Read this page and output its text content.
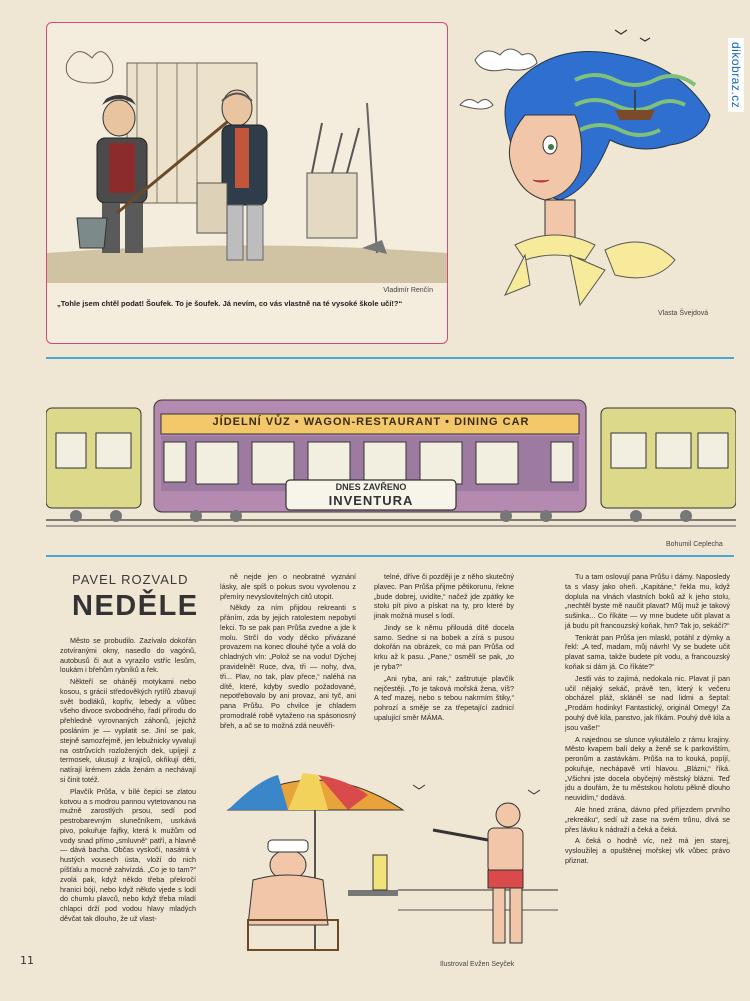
dikobraz.cz
Vladimír Renčín
„Tohle jsem chtěl podat! Šoufek. To je šoufek. Já nevím, co vás vlastně na té vysoké škole učí!?“
Vlasta Švejdová
JÍDELNÍ VŮZ • WAGON-RESTAURANT • DINING CAR
DNES ZAVŘENO
INVENTURA
Bohumil Ceplecha
PAVEL ROZVALD
NEDĚLE

Město se probudilo. Zazívalo dokořán zotvíranými okny, nasedlo do vagónů, autobusů či aut a vyrazilo vstříc lesům, loukám i břehům rybníků a řek.

Někteří se oháněji motykami nebo kosou, s grácií středověkých rytířů zbavují svět bodláků, kopřiv, lebedy a vůbec všeho divoce svobodného, řadí přírodu do přehledně vyrovnaných záhonů, jejichž posláním je — vyplatit se. Jiní se pak, stejně samozřejmě, jen lebužnicky vyvalují na ostrůvcích rozložených dek, upíjejí z termosek, ukusují z krajíců, okřikují děti, natírají krémem záda ženám a nechávají si činit totéž.

Plavčík Průša, v bílé čepici se zlatou kotvou a s modrou pannou vytetovanou na mužně zarostlých prsou, sedí pod pestrobarevným slunečníkem, usrkává pivo, pokuřuje fajfky, která k mužům od vody snad přímo „smluvně“ patří, a hlavně — dává bacha. Občas vyskočí, nasátrá v hustých vousech ústa, vloží do nich píšťalu a mocně zahvízdá. „Co je to tam?“ zvolá pak, když někdo třeba překročí hranici bójí, nebo když někdo vjede s lodí do chumlu plavců, nebo když třeba mladí chlapci drží pod vodou hlavy mladých děvčat tak dlouho, že už vlast-

ně nejde jen o neobratné vyznání lásky, ale spíš o pokus svou vyvolenou z přemíry nevyslovitelných citů utopit.

Někdy za ním přijdou rekreanti s přáním, zda by jejich ratolestem nepobytí lekci. To se pak pan Průša zvedne a jde k molu. Strčí do vody děcko přivázané provazem na konec dlouhé tyče a volá do chladných vln: „Polož se na vodu! Dýchej pravidelně! Ruce, dva, tři — nohy, dva, tři... Plav, no tak, plav přece,“ naléhá na dítě, které, kdyby svedlo požadované, nepotřebovalo by ani provaz, ani tyč, ani pana Průšu. Po chvilce je chladem promodralé robě vytaženo na spásonosný břeh, a ač se to možná zdá neuvěři-

telné, dříve či později je z něho skutečný plavec. Pan Průša přijme pětikorunu, řekne „bude dobrej, uvidíte,“ načež jde zpátky ke stolu pít pivo a pískat na ty, pro které by jinak možná musel s lodí.

Jindy se k němu přiloudá dítě docela samo. Sedne si na bobek a zírá s pusou dokořán na obrázek, co má pan Průša od krku až k pasu. „Pane,“ osmělí se pak, „to je ryba?“

„Ani ryba, ani rak,“ zaštrutuje plavčík nejčestěji. „To je taková mořská žena, víš? A teď mazej, nebo s tebou nakrmím štiky,“ pohrozí a směje se za třepetající zadnicí upalující směr MÁMA.

Tu a tam oslovují pana Průšu i dámy. Naposledy ta s vlasy jako oheň. „Kapitáne,“ řekla mu, když doplula na vlnách vlastních boků až k jeho stolu, „nechtěl byste mě naučit plavat? Můj muž je takový sušinka... Co říkáte — vy mne budete učit plavat a já budu pít francouzský koňak, hm? Tak jo, sekáči?“

Tenkrát pan Průša jen mlaskl, potáhl z dýmky a řekl: „A teď, madam, můj návrh! Vy se budete učit plavat sama, takže budete pít vodu, a francouzský koňak si dám já. Co říkáte?“

Jestli vás to zajímá, nedokala nic. Plavat jí pan učil nějaký sekáč, právě ten, který k večeru obcházel pláž, skláněl se nad lidmi a šeptal: „Prodám hodinky! Fantastický, originál Omegy! Za pouhý dvě kila, panstvo, jak říkám. Pouhý dvě kila a jsou vaše!“

A najednou se slunce vykutálelo z rámu krajiny. Město kvapem balí deky a ženě se k parkovištím, peronům a zastávkám. Průša na to kouká, popíjí, pokuřuje, nechápavě vrtí hlavou. „Blázni,“ říká. „Všichni jste docela obyčejný městský blázni. Teď jdu a doufám, že tu městskou holotu pěkně dlouho neuvidím,“ dodává.

Ale hned zrána, dávno před příjezdem prvního „rekreáku“, sedí už zase na svém trůnu, dívá se přes lávku k nádraží a čeká a čeká.

A čeká o hodně víc, než má jen starej, vysloužilej a opuštěnej mořskej vlk vůbec právo přiznat.

Ilustroval Evžen Seyček
11
